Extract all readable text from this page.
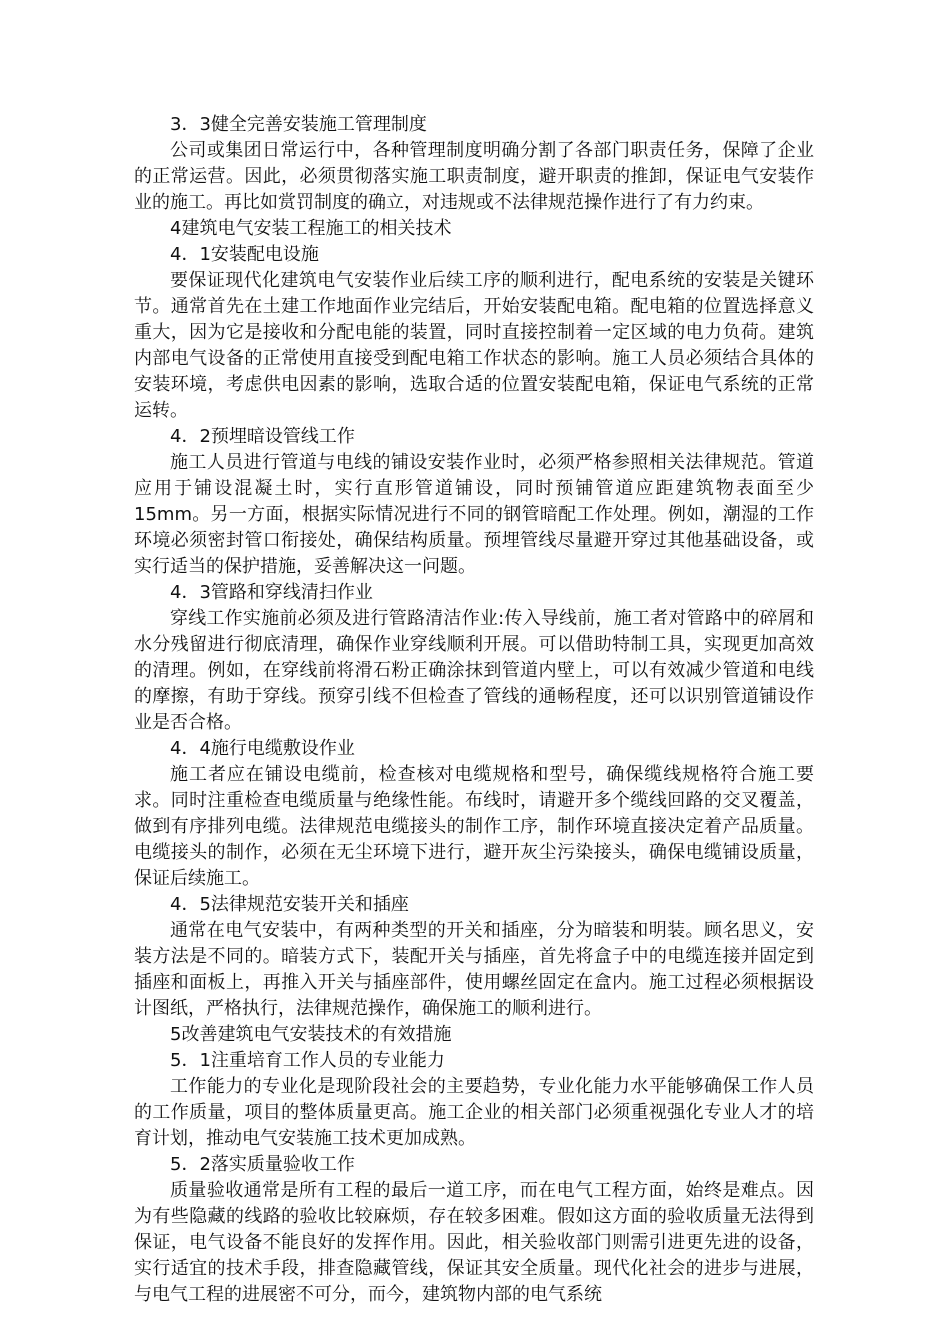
3．3健全完善安装施工管理制度

公司或集团日常运行中，各种管理制度明确分割了各部门职责任务，保障了企业的正常运营。因此，必须贯彻落实施工职责制度，避开职责的推卸，保证电气安装作业的施工。再比如赏罚制度的确立，对违规或不法律规范操作进行了有力约束。

4建筑电气安装工程施工的相关技术

4．1安装配电设施

要保证现代化建筑电气安装作业后续工序的顺利进行，配电系统的安装是关键环节。通常首先在土建工作地面作业完结后，开始安装配电箱。配电箱的位置选择意义重大，因为它是接收和分配电能的装置，同时直接控制着一定区域的电力负荷。建筑内部电气设备的正常使用直接受到配电箱工作状态的影响。施工人员必须结合具体的安装环境，考虑供电因素的影响，选取合适的位置安装配电箱，保证电气系统的正常运转。

4．2预埋暗设管线工作

施工人员进行管道与电线的铺设安装作业时，必须严格参照相关法律规范。管道应用于铺设混凝土时，实行直形管道铺设，同时预铺管道应距建筑物表面至少15mm。另一方面，根据实际情况进行不同的钢管暗配工作处理。例如，潮湿的工作环境必须密封管口衔接处，确保结构质量。预埋管线尽量避开穿过其他基础设备，或实行适当的保护措施，妥善解决这一问题。

4．3管路和穿线清扫作业

穿线工作实施前必须及进行管路清洁作业:传入导线前，施工者对管路中的碎屑和水分残留进行彻底清理，确保作业穿线顺利开展。可以借助特制工具，实现更加高效的清理。例如，在穿线前将滑石粉正确涂抹到管道内壁上，可以有效减少管道和电线的摩擦，有助于穿线。预穿引线不但检查了管线的通畅程度，还可以识别管道铺设作业是否合格。

4．4施行电缆敷设作业

施工者应在铺设电缆前，检查核对电缆规格和型号，确保缆线规格符合施工要求。同时注重检查电缆质量与绝缘性能。布线时，请避开多个缆线回路的交叉覆盖，做到有序排列电缆。法律规范电缆接头的制作工序，制作环境直接决定着产品质量。电缆接头的制作，必须在无尘环境下进行，避开灰尘污染接头，确保电缆铺设质量，保证后续施工。

4．5法律规范安装开关和插座

通常在电气安装中，有两种类型的开关和插座，分为暗装和明装。顾名思义，安装方法是不同的。暗装方式下，装配开关与插座，首先将盒子中的电缆连接并固定到插座和面板上，再推入开关与插座部件，使用螺丝固定在盒内。施工过程必须根据设计图纸，严格执行，法律规范操作，确保施工的顺利进行。

5改善建筑电气安装技术的有效措施

5．1注重培育工作人员的专业能力

工作能力的专业化是现阶段社会的主要趋势，专业化能力水平能够确保工作人员的工作质量，项目的整体质量更高。施工企业的相关部门必须重视强化专业人才的培育计划，推动电气安装施工技术更加成熟。

5．2落实质量验收工作

质量验收通常是所有工程的最后一道工序，而在电气工程方面，始终是难点。因为有些隐藏的线路的验收比较麻烦，存在较多困难。假如这方面的验收质量无法得到保证，电气设备不能良好的发挥作用。因此，相关验收部门则需引进更先进的设备，实行适宜的技术手段，排查隐藏管线，保证其安全质量。现代化社会的进步与进展，与电气工程的进展密不可分，而今，建筑物内部的电气系统
